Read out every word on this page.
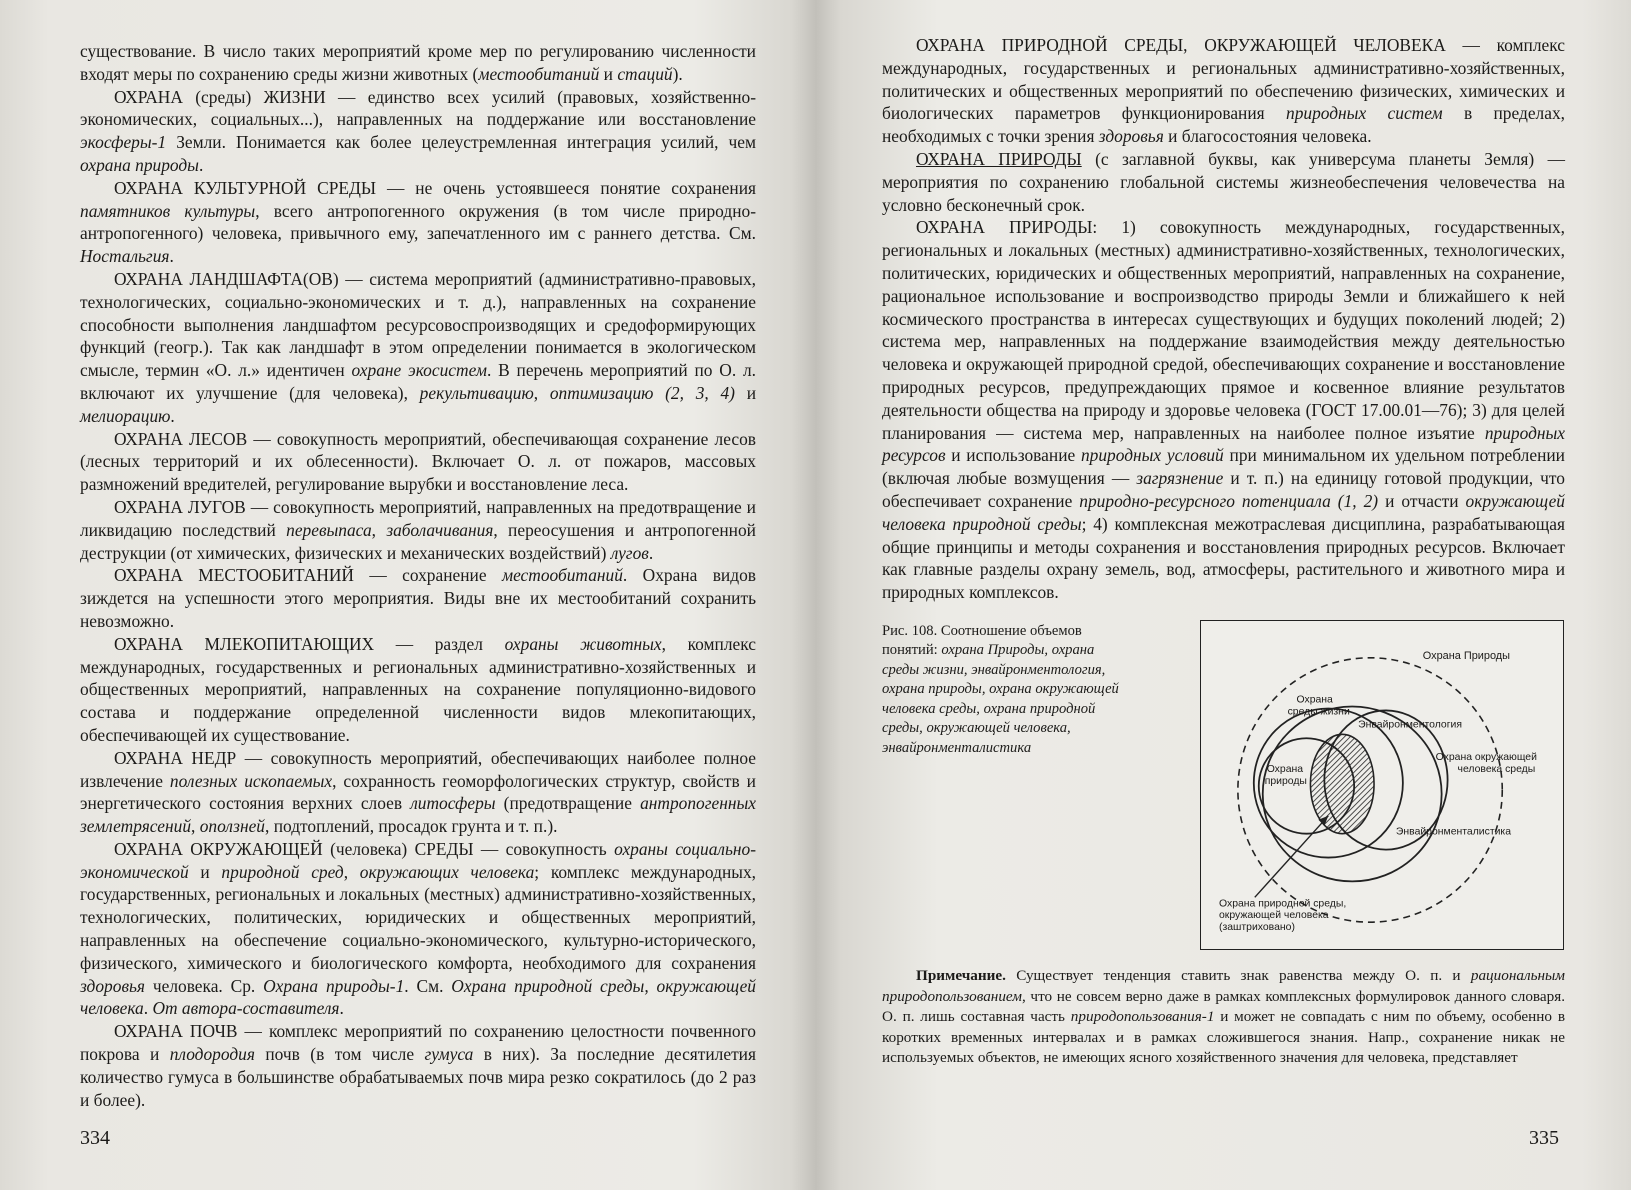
существование. В число таких мероприятий кроме мер по регулированию численности входят меры по сохранению среды жизни животных (местообитаний и стаций).

ОХРАНА (среды) ЖИЗНИ — единство всех усилий (правовых, хозяйственно-экономических, социальных...), направленных на поддержание или восстановление экосферы-1 Земли. Понимается как более целеустремленная интеграция усилий, чем охрана природы.

ОХРАНА КУЛЬТУРНОЙ СРЕДЫ — не очень устоявшееся понятие сохранения памятников культуры, всего антропогенного окружения (в том числе природно-антропогенного) человека, привычного ему, запечатленного им с раннего детства. См. Ностальгия.

ОХРАНА ЛАНДШАФТА(ОВ) — система мероприятий (административно-правовых, технологических, социально-экономических и т. д.), направленных на сохранение способности выполнения ландшафтом ресурсовоспроизводящих и средоформирующих функций (геогр.). Так как ландшафт в этом определении понимается в экологическом смысле, термин «О. л.» идентичен охране экосистем. В перечень мероприятий по О. л. включают их улучшение (для человека), рекультивацию, оптимизацию (2, 3, 4) и мелиорацию.

ОХРАНА ЛЕСОВ — совокупность мероприятий, обеспечивающая сохранение лесов (лесных территорий и их облесенности). Включает О. л. от пожаров, массовых размножений вредителей, регулирование вырубки и восстановление леса.

ОХРАНА ЛУГОВ — совокупность мероприятий, направленных на предотвращение и ликвидацию последствий перевыпаса, заболачивания, переосушения и антропогенной деструкции (от химических, физических и механических воздействий) лугов.

ОХРАНА МЕСТООБИТАНИЙ — сохранение местообитаний. Охрана видов зиждется на успешности этого мероприятия. Виды вне их местообитаний сохранить невозможно.

ОХРАНА МЛЕКОПИТАЮЩИХ — раздел охраны животных, комплекс международных, государственных и региональных административно-хозяйственных и общественных мероприятий, направленных на сохранение популяционно-видового состава и поддержание определенной численности видов млекопитающих, обеспечивающей их существование.

ОХРАНА НЕДР — совокупность мероприятий, обеспечивающих наиболее полное извлечение полезных ископаемых, сохранность геоморфологических структур, свойств и энергетического состояния верхних слоев литосферы (предотвращение антропогенных землетрясений, оползней, подтоплений, просадок грунта и т. п.).

ОХРАНА ОКРУЖАЮЩЕЙ (человека) СРЕДЫ — совокупность охраны социально-экономической и природной сред, окружающих человека; комплекс международных, государственных, региональных и локальных (местных) административно-хозяйственных, технологических, политических, юридических и общественных мероприятий, направленных на обеспечение социально-экономического, культурно-исторического, физического, химического и биологического комфорта, необходимого для сохранения здоровья человека. Ср. Охрана природы-1. См. Охрана природной среды, окружающей человека. От автора-составителя.

ОХРАНА ПОЧВ — комплекс мероприятий по сохранению целостности почвенного покрова и плодородия почв (в том числе гумуса в них). За последние десятилетия количество гумуса в большинстве обрабатываемых почв мира резко сократилось (до 2 раз и более).

334

ОХРАНА ПРИРОДНОЙ СРЕДЫ, ОКРУЖАЮЩЕЙ ЧЕЛОВЕКА — комплекс международных, государственных и региональных административно-хозяйственных, политических и общественных мероприятий по обеспечению физических, химических и биологических параметров функционирования природных систем в пределах, необходимых с точки зрения здоровья и благосостояния человека.

ОХРАНА ПРИРОДЫ (с заглавной буквы, как универсума планеты Земля) — мероприятия по сохранению глобальной системы жизнеобеспечения человечества на условно бесконечный срок.

ОХРАНА ПРИРОДЫ: 1) совокупность международных, государственных, региональных и локальных (местных) административно-хозяйственных, технологических, политических, юридических и общественных мероприятий, направленных на сохранение, рациональное использование и воспроизводство природы Земли и ближайшего к ней космического пространства в интересах существующих и будущих поколений людей; 2) система мер, направленных на поддержание взаимодействия между деятельностью человека и окружающей природной средой, обеспечивающих сохранение и восстановление природных ресурсов, предупреждающих прямое и косвенное влияние результатов деятельности общества на природу и здоровье человека (ГОСТ 17.00.01—76); 3) для целей планирования — система мер, направленных на наиболее полное изъятие природных ресурсов и использование природных условий при минимальном их удельном потреблении (включая любые возмущения — загрязнение и т. п.) на единицу готовой продукции, что обеспечивает сохранение природно-ресурсного потенциала (1, 2) и отчасти окружающей человека природной среды; 4) комплексная межотраслевая дисциплина, разрабатывающая общие принципы и методы сохранения и восстановления природных ресурсов. Включает как главные разделы охрану земель, вод, атмосферы, растительного и животного мира и природных комплексов.

Рис. 108. Соотношение объемов понятий: охрана Природы, охрана среды жизни, энвайронментология, охрана природы, охрана окружающей человека среды, охрана природной среды, окружающей человека, энвайронменталистика
Охрана Природы
Охрана
среды жизни
Энвайронментология
Охрана окружающей
человека среды
Охрана
природы
Энвайронменталистика
Охрана природной среды,
окружающей человека
(заштриховано)

Примечание. Существует тенденция ставить знак равенства между О. п. и рациональным природопользованием, что не совсем верно даже в рамках комплексных формулировок данного словаря. О. п. лишь составная часть природопользования-1 и может не совпадать с ним по объему, особенно в коротких временных интервалах и в рамках сложившегося знания. Напр., сохранение никак не используемых объектов, не имеющих ясного хозяйственного значения для человека, представляет

335
